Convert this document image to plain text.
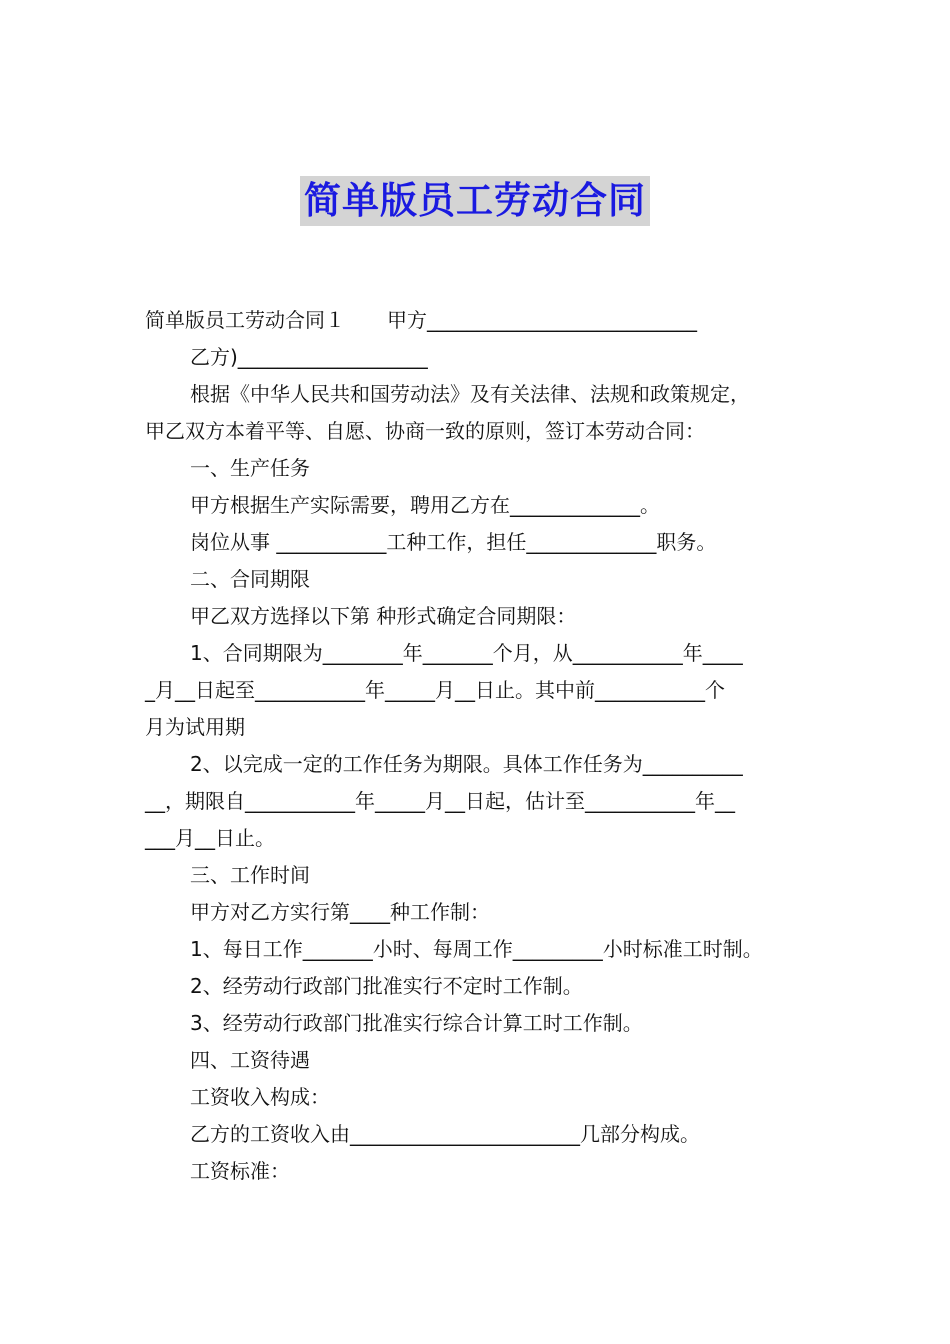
简单版员工劳动合同
简单版员工劳动合同１ 甲方___________________________
乙方)___________________
根据《中华人民共和国劳动法》及有关法律、法规和政策规定，
甲乙双方本着平等、自愿、协商一致的原则，签订本劳动合同：
一、生产任务
甲方根据生产实际需要，聘用乙方在_____________。
岗位从事 ___________工种工作，担任_____________职务。
二、合同期限
甲乙双方选择以下第 种形式确定合同期限：
1、合同期限为________年_______个月，从___________年____
_月__日起至___________年_____月__日止。其中前___________个
月为试用期
2、以完成一定的工作任务为期限。具体工作任务为__________
__，期限自___________年_____月__日起，估计至___________年__
___月__日止。
三、工作时间
甲方对乙方实行第____种工作制：
1、每日工作_______小时、每周工作_________小时标准工时制。
2、经劳动行政部门批准实行不定时工作制。
3、经劳动行政部门批准实行综合计算工时工作制。
四、工资待遇
工资收入构成：
乙方的工资收入由_______________________几部分构成。
工资标准：
